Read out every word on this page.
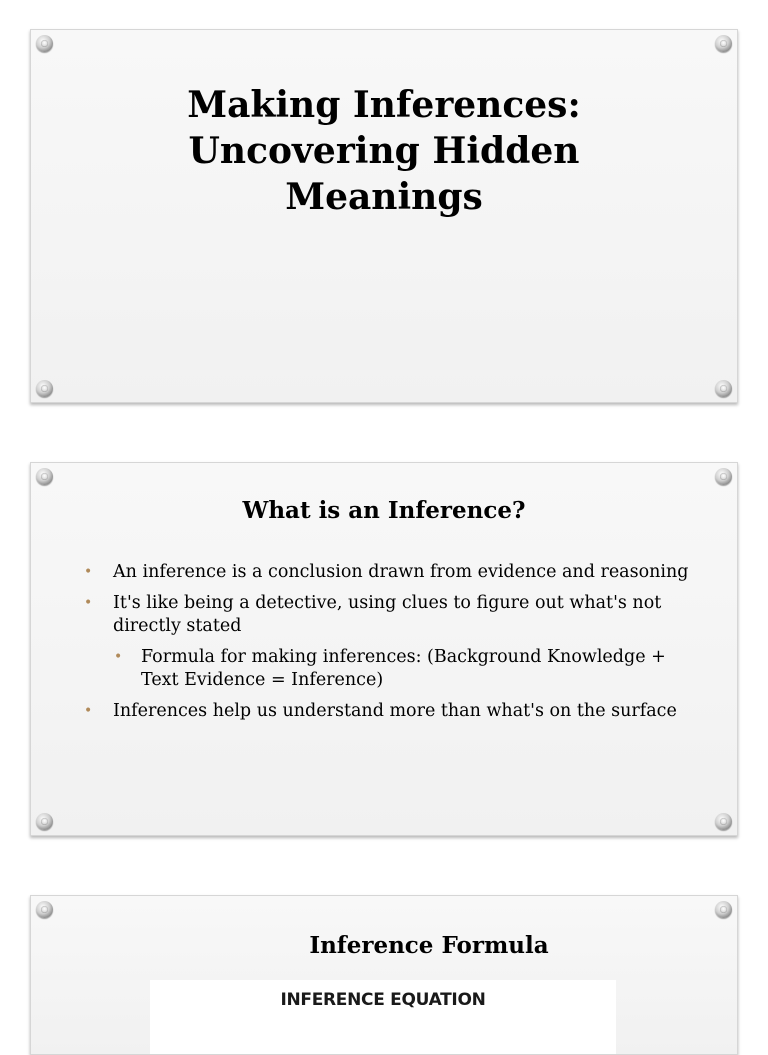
Making Inferences: Uncovering Hidden Meanings
What is an Inference?
• An inference is a conclusion drawn from evidence and reasoning
• It's like being a detective, using clues to figure out what's not directly stated
• Formula for making inferences: (Background Knowledge + Text Evidence = Inference)
• Inferences help us understand more than what's on the surface
Inference Formula
INFERENCE EQUATION
